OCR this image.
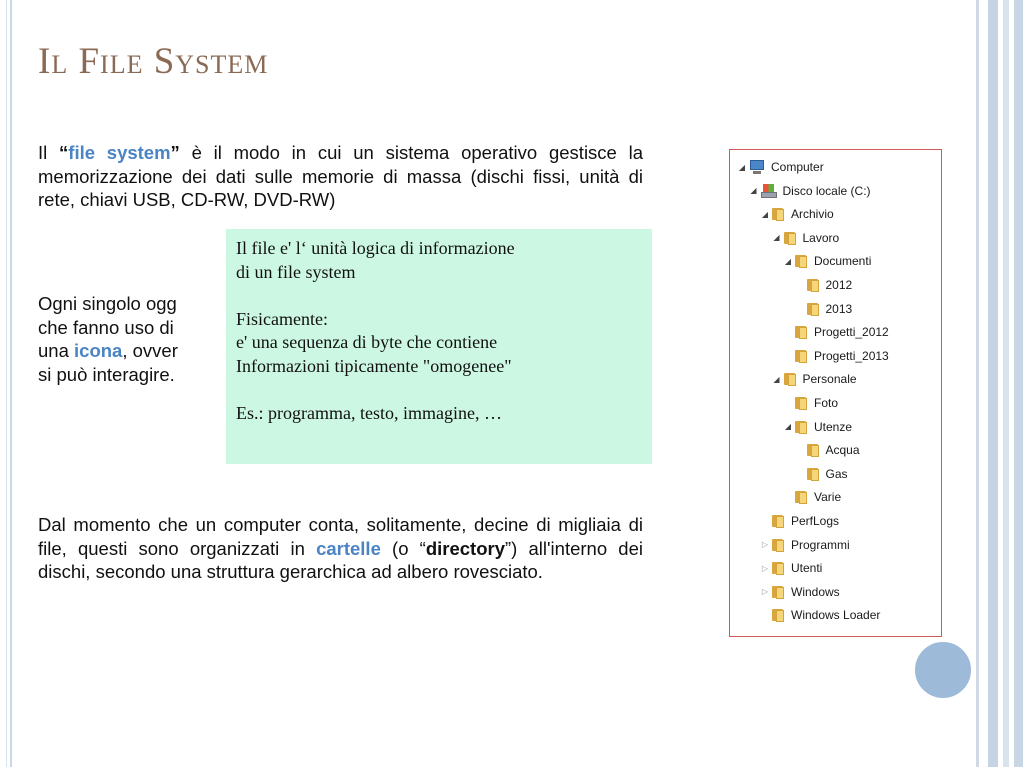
Il File System

Il “file system” è il modo in cui un sistema operativo gestisce la memorizzazione dei dati sulle memorie di massa (dischi fissi, unità di rete, chiavi USB, CD-RW, DVD-RW)

Ogni singolo ogg
che fanno uso di
una icona, ovver
si può interagire.

Dal momento che un computer conta, solitamente, decine di migliaia di file, questi sono organizzati in cartelle (o “directory”) all'interno dei dischi, secondo una struttura gerarchica ad albero rovesciato.

Il file e' l‘ unità logica di informazione

di un file system

Fisicamente:

e' una sequenza di byte che contiene

Informazioni tipicamente "omogenee"

Es.: programma, testo, immagine, …

◢ Computer
◢ Disco locale (C:)
◢ Archivio
◢ Lavoro
◢ Documenti
2012
2013
Progetti_2012
Progetti_2013
◢ Personale
Foto
◢ Utenze
Acqua
Gas
Varie
PerfLogs
▷ Programmi
▷ Utenti
▷ Windows
Windows Loader
